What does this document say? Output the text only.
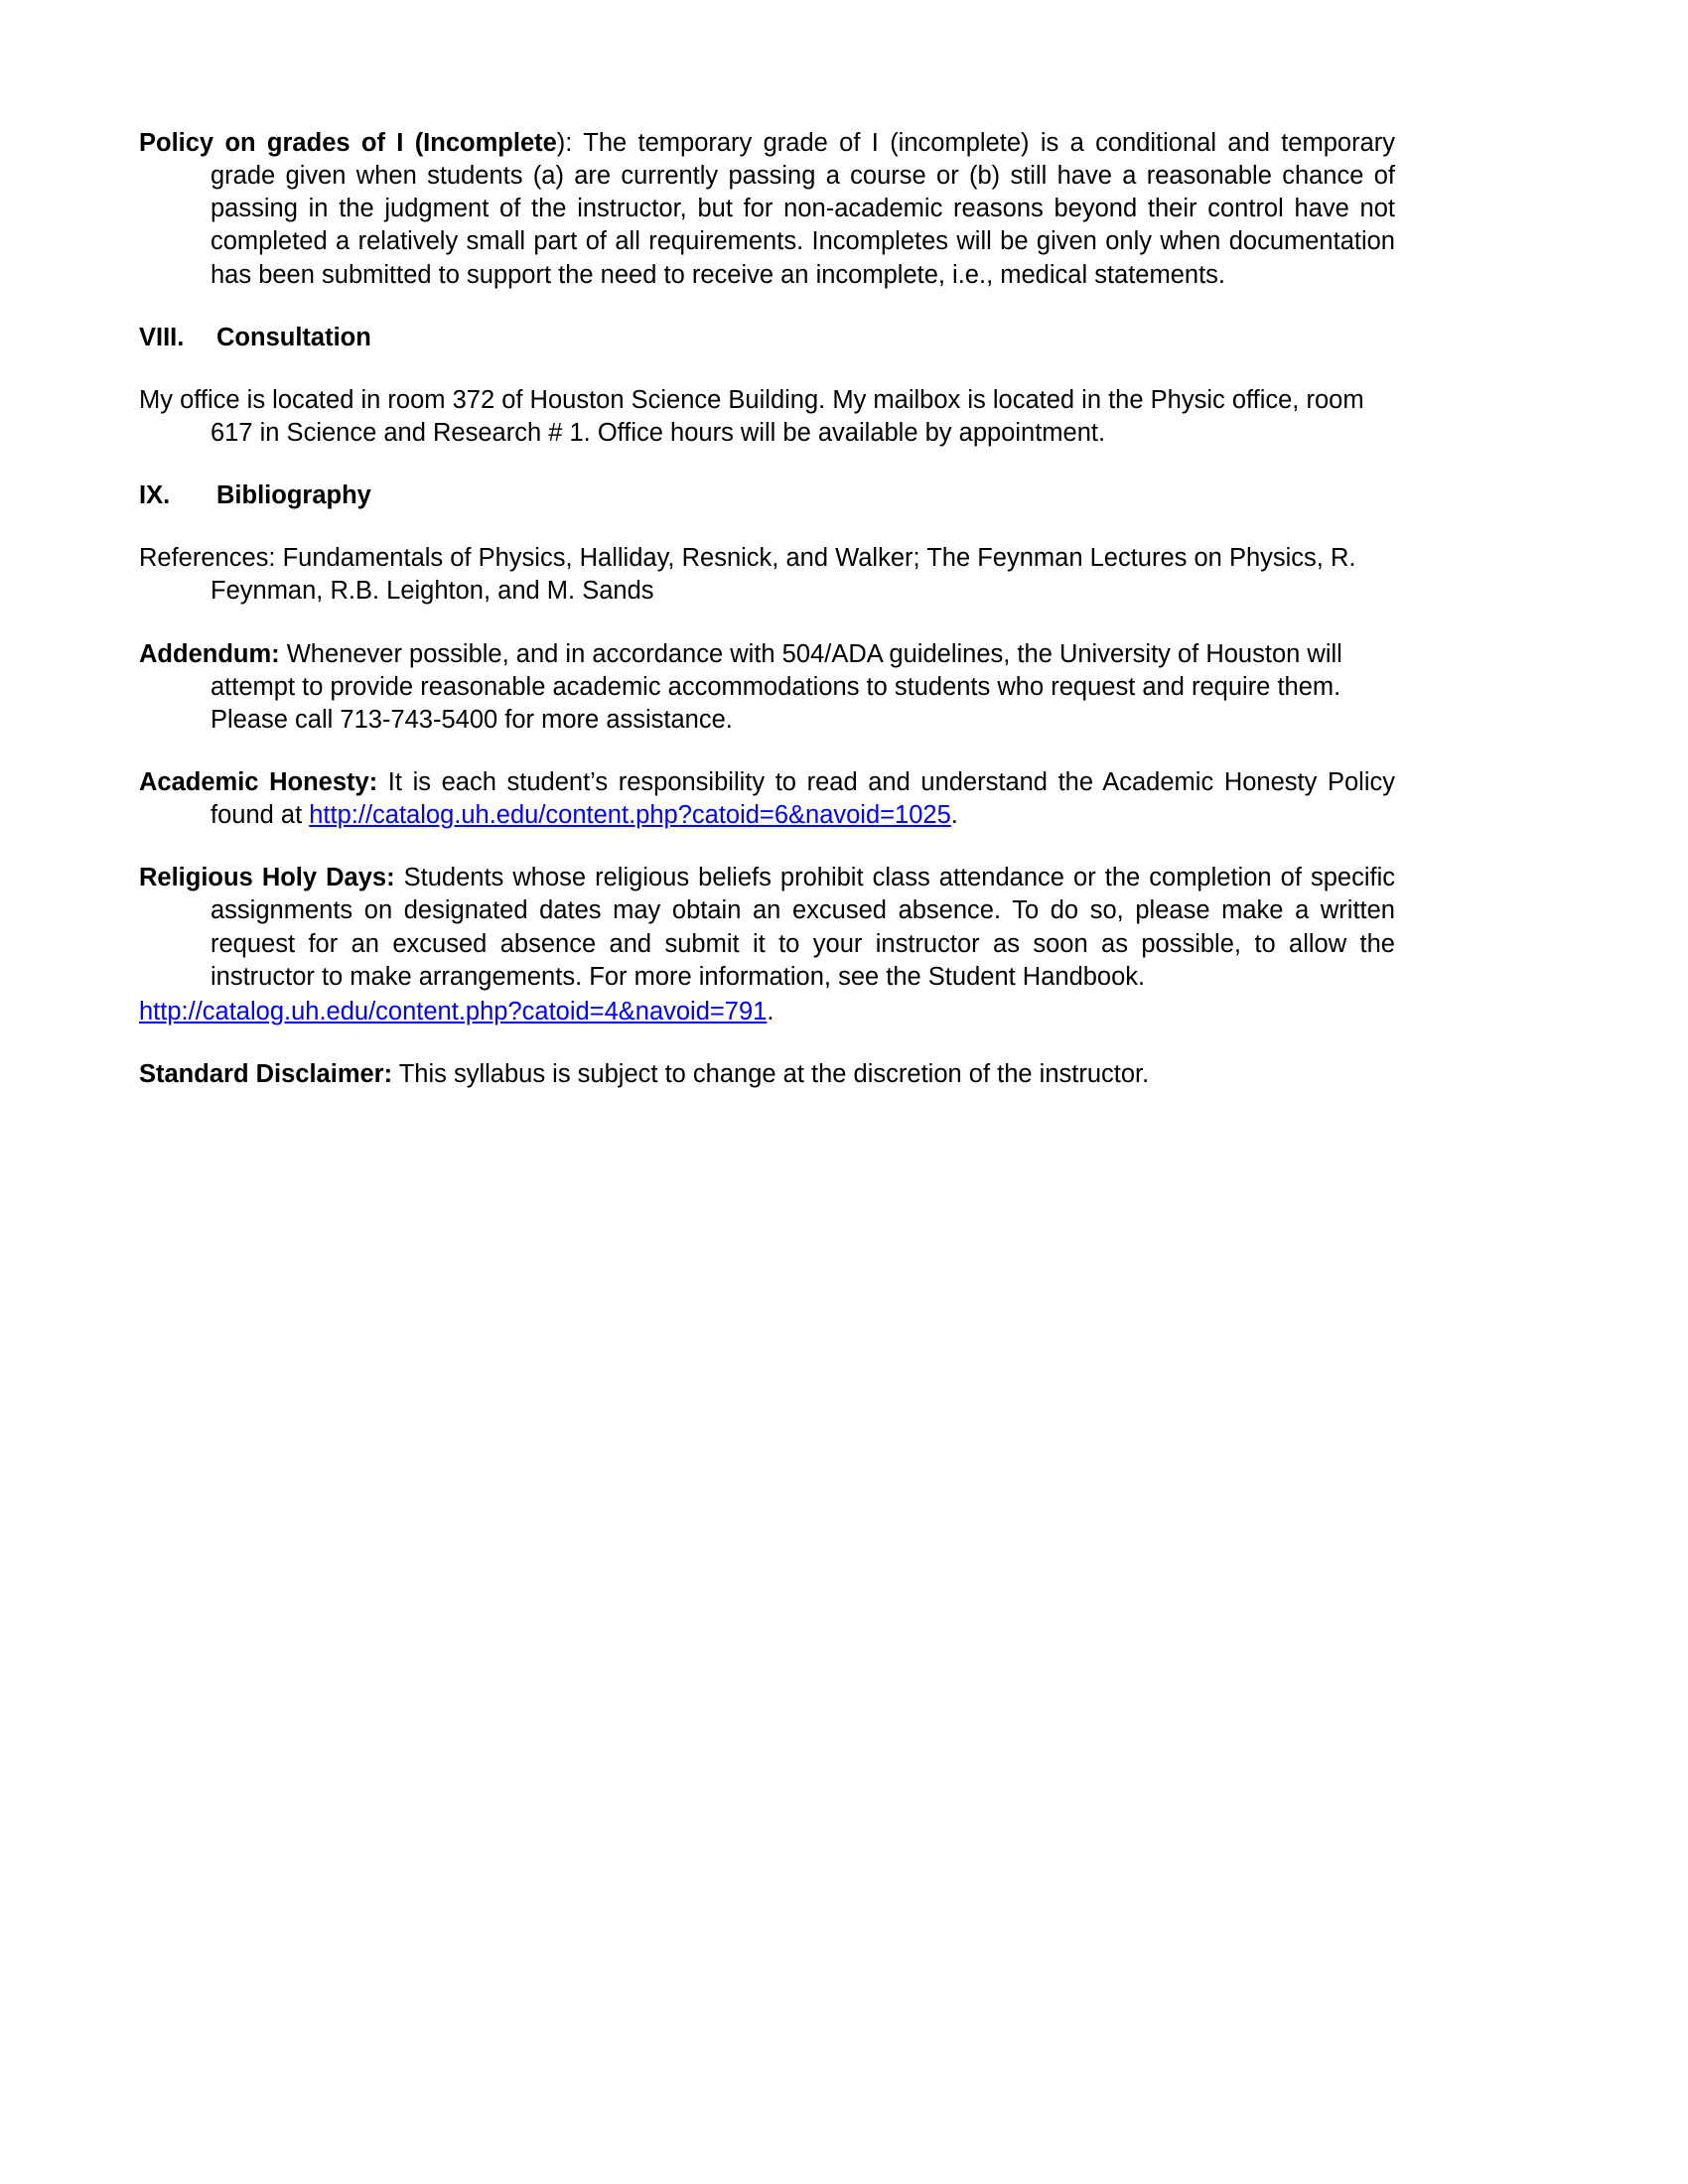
Policy on grades of I (Incomplete): The temporary grade of I (incomplete) is a conditional and temporary grade given when students (a) are currently passing a course or (b) still have a reasonable chance of passing in the judgment of the instructor, but for non-academic reasons beyond their control have not completed a relatively small part of all requirements. Incompletes will be given only when documentation has been submitted to support the need to receive an incomplete, i.e., medical statements.

VIII. Consultation

My office is located in room 372 of Houston Science Building. My mailbox is located in the Physic office, room 617 in Science and Research # 1. Office hours will be available by appointment.

IX. Bibliography

References: Fundamentals of Physics, Halliday, Resnick, and Walker; The Feynman Lectures on Physics, R. Feynman, R.B. Leighton, and M. Sands

Addendum: Whenever possible, and in accordance with 504/ADA guidelines, the University of Houston will attempt to provide reasonable academic accommodations to students who request and require them. Please call 713-743-5400 for more assistance.

Academic Honesty: It is each student’s responsibility to read and understand the Academic Honesty Policy found at http://catalog.uh.edu/content.php?catoid=6&navoid=1025.

Religious Holy Days: Students whose religious beliefs prohibit class attendance or the completion of specific assignments on designated dates may obtain an excused absence. To do so, please make a written request for an excused absence and submit it to your instructor as soon as possible, to allow the instructor to make arrangements. For more information, see the Student Handbook.

http://catalog.uh.edu/content.php?catoid=4&navoid=791.

Standard Disclaimer: This syllabus is subject to change at the discretion of the instructor.
